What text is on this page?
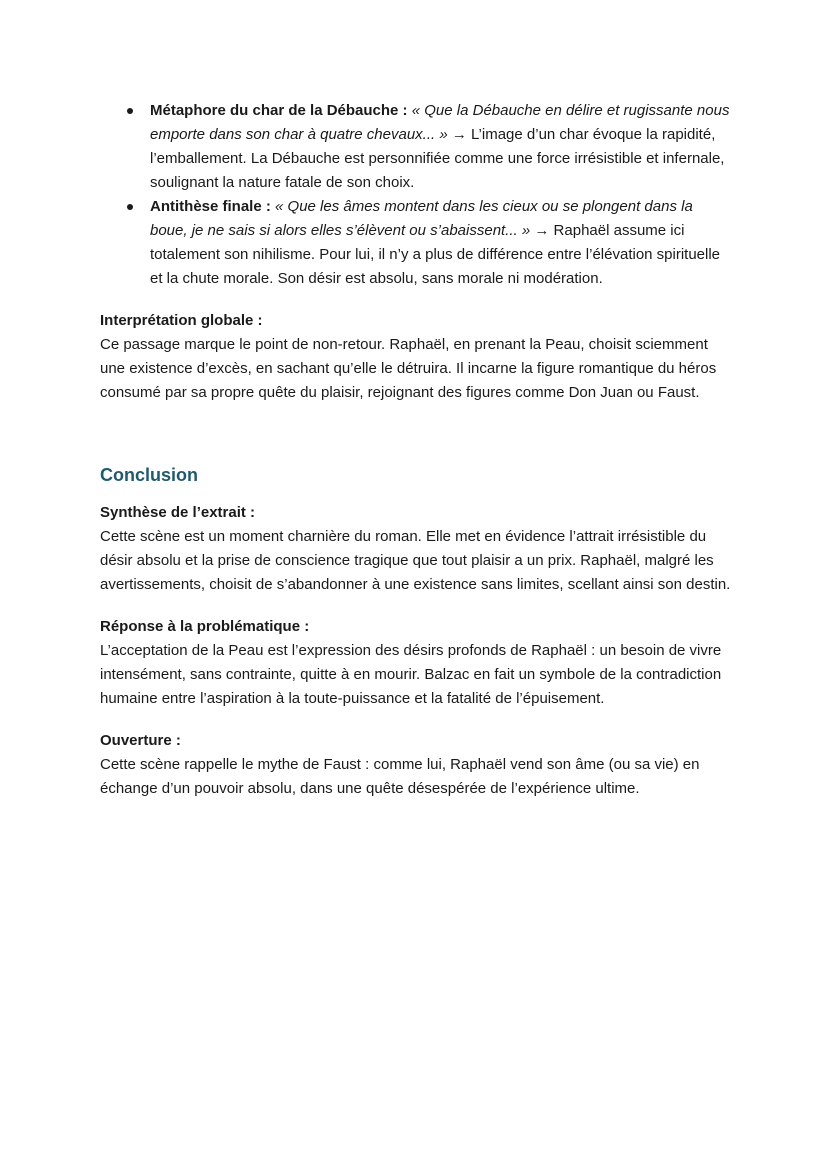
Métaphore du char de la Débauche : « Que la Débauche en délire et rugissante nous emporte dans son char à quatre chevaux... » → L’image d’un char évoque la rapidité, l’emballement. La Débauche est personnifiée comme une force irrésistible et infernale, soulignant la nature fatale de son choix.
Antithèse finale : « Que les âmes montent dans les cieux ou se plongent dans la boue, je ne sais si alors elles s’élèvent ou s’abaissent... » → Raphaël assume ici totalement son nihilisme. Pour lui, il n’y a plus de différence entre l’élévation spirituelle et la chute morale. Son désir est absolu, sans morale ni modération.

Interprétation globale :

Ce passage marque le point de non-retour. Raphaël, en prenant la Peau, choisit sciemment une existence d’excès, en sachant qu’elle le détruira. Il incarne la figure romantique du héros consumé par sa propre quête du plaisir, rejoignant des figures comme Don Juan ou Faust.

Conclusion

Synthèse de l’extrait :

Cette scène est un moment charnière du roman. Elle met en évidence l’attrait irrésistible du désir absolu et la prise de conscience tragique que tout plaisir a un prix. Raphaël, malgré les avertissements, choisit de s’abandonner à une existence sans limites, scellant ainsi son destin.

Réponse à la problématique :

L’acceptation de la Peau est l’expression des désirs profonds de Raphaël : un besoin de vivre intensément, sans contrainte, quitte à en mourir. Balzac en fait un symbole de la contradiction humaine entre l’aspiration à la toute-puissance et la fatalité de l’épuisement.

Ouverture :

Cette scène rappelle le mythe de Faust : comme lui, Raphaël vend son âme (ou sa vie) en échange d’un pouvoir absolu, dans une quête désespérée de l’expérience ultime.
